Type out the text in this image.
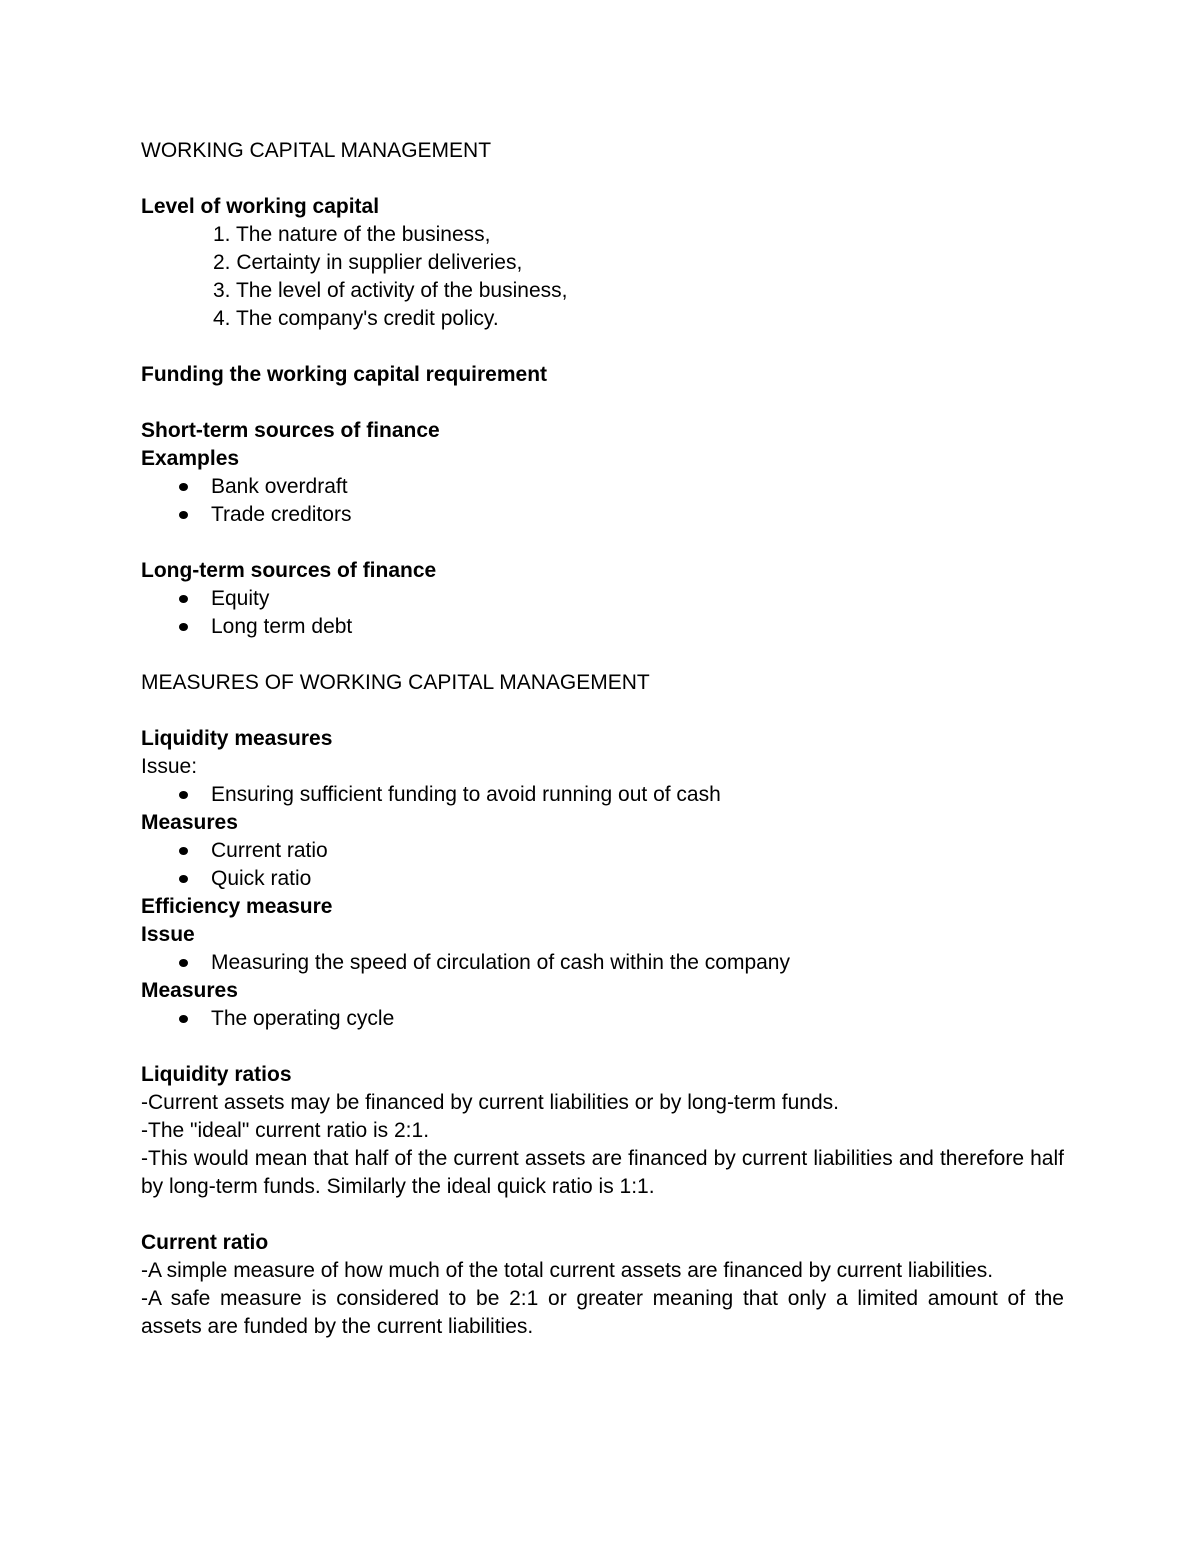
WORKING CAPITAL MANAGEMENT
Level of working capital
1. The nature of the business,
2. Certainty in supplier deliveries,
3. The level of activity of the business,
4. The company's credit policy.
Funding the working capital requirement
Short-term sources of finance
Examples
Bank overdraft
Trade creditors
Long-term sources of finance
Equity
Long term debt
MEASURES OF WORKING CAPITAL MANAGEMENT
Liquidity measures
Issue:
Ensuring sufficient funding to avoid running out of cash
Measures
Current ratio
Quick ratio
Efficiency measure
Issue
Measuring the speed of circulation of cash within the company
Measures
The operating cycle
Liquidity ratios

-Current assets may be financed by current liabilities or by long-term funds.

-The "ideal" current ratio is 2:1.

-This would mean that half of the current assets are financed by current liabilities and therefore half by long-term funds. Similarly the ideal quick ratio is 1:1.

Current ratio

-A simple measure of how much of the total current assets are financed by current liabilities.

-A safe measure is considered to be 2:1 or greater meaning that only a limited amount of the assets are funded by the current liabilities.
